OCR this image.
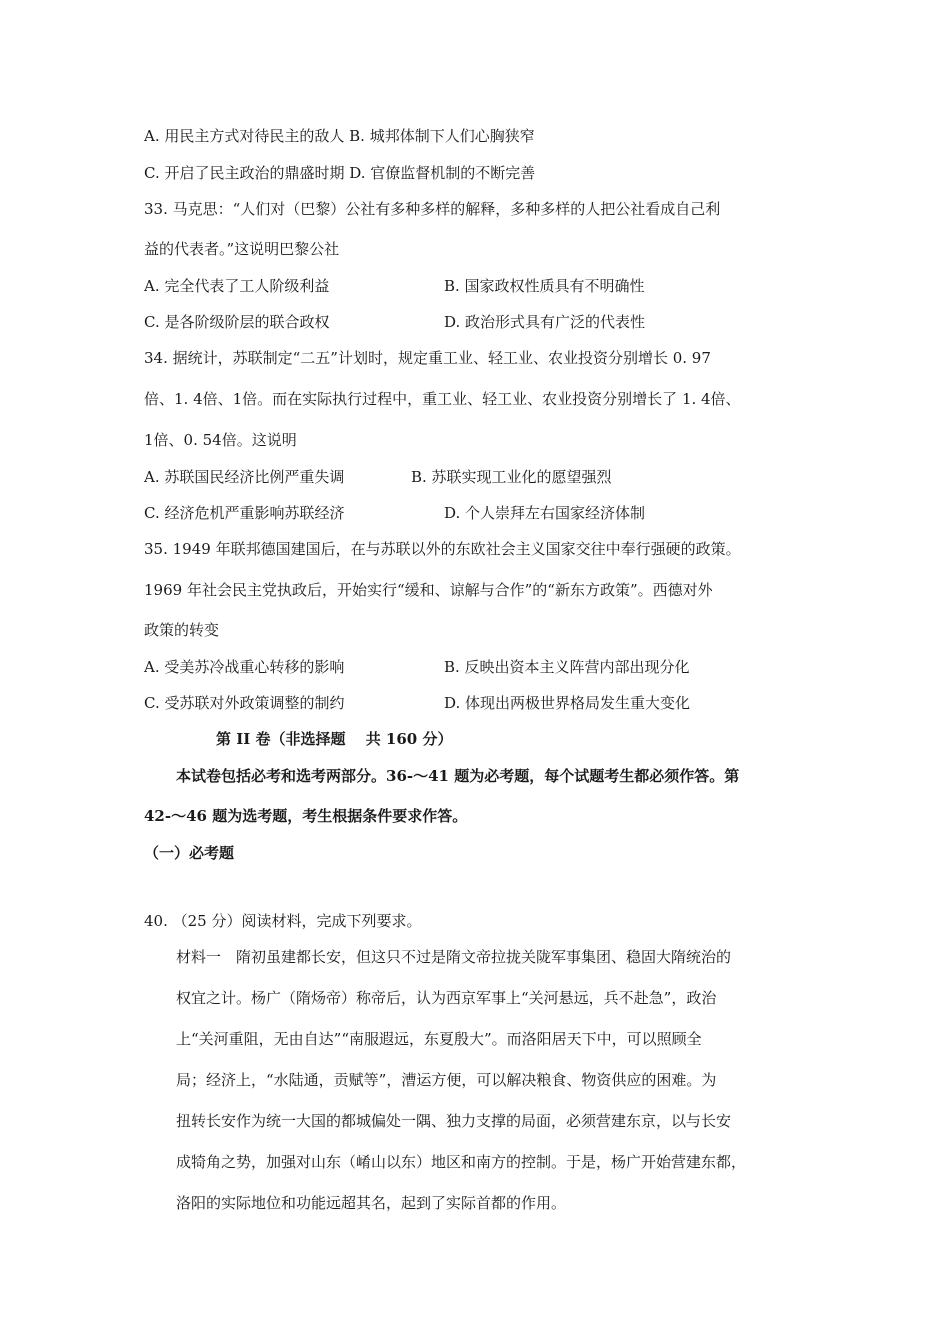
A. 用民主方式对待民主的敌人 B. 城邦体制下人们心胸狭窄
C. 开启了民主政治的鼎盛时期 D. 官僚监督机制的不断完善
33. 马克思：“人们对（巴黎）公社有多种多样的解释，多种多样的人把公社看成自己利
益的代表者。”这说明巴黎公社
A. 完全代表了工人阶级利益	B. 国家政权性质具有不明确性
C. 是各阶级阶层的联合政权	D. 政治形式具有广泛的代表性
34. 据统计，苏联制定“二五”计划时，规定重工业、轻工业、农业投资分别增长 0. 97
倍、1. 4倍、1倍。而在实际执行过程中，重工业、轻工业、农业投资分别增长了 1. 4倍、
1倍、0. 54倍。这说明
A. 苏联国民经济比例严重失调	B. 苏联实现工业化的愿望强烈
C. 经济危机严重影响苏联经济	D. 个人崇拜左右国家经济体制
35. 1949 年联邦德国建国后，在与苏联以外的东欧社会主义国家交往中奉行强硬的政策。
1969 年社会民主党执政后，开始实行“缓和、谅解与合作”的“新东方政策”。西德对外
政策的转变
A. 受美苏冷战重心转移的影响	B. 反映出资本主义阵营内部出现分化
C. 受苏联对外政策调整的制约	D. 体现出两极世界格局发生重大变化
第 II 卷（非选择题　 共 160 分）
本试卷包括必考和选考两部分。36-～41 题为必考题，每个试题考生都必须作答。第
42-～46 题为选考题，考生根据条件要求作答。
（一）必考题
40. （25 分）阅读材料，完成下列要求。
材料一　隋初虽建都长安，但这只不过是隋文帝拉拢关陇军事集团、稳固大隋统治的
权宜之计。杨广（隋炀帝）称帝后，认为西京军事上“关河悬远，兵不赴急”，政治
上“关河重阻，无由自达”“南服遐远，东夏殷大”。而洛阳居天下中，可以照顾全
局；经济上，“水陆通，贡赋等”，漕运方便，可以解决粮食、物资供应的困难。为
扭转长安作为统一大国的都城偏处一隅、独力支撑的局面，必须营建东京，以与长安
成犄角之势，加强对山东（崤山以东）地区和南方的控制。于是，杨广开始营建东都，
洛阳的实际地位和功能远超其名，起到了实际首都的作用。
